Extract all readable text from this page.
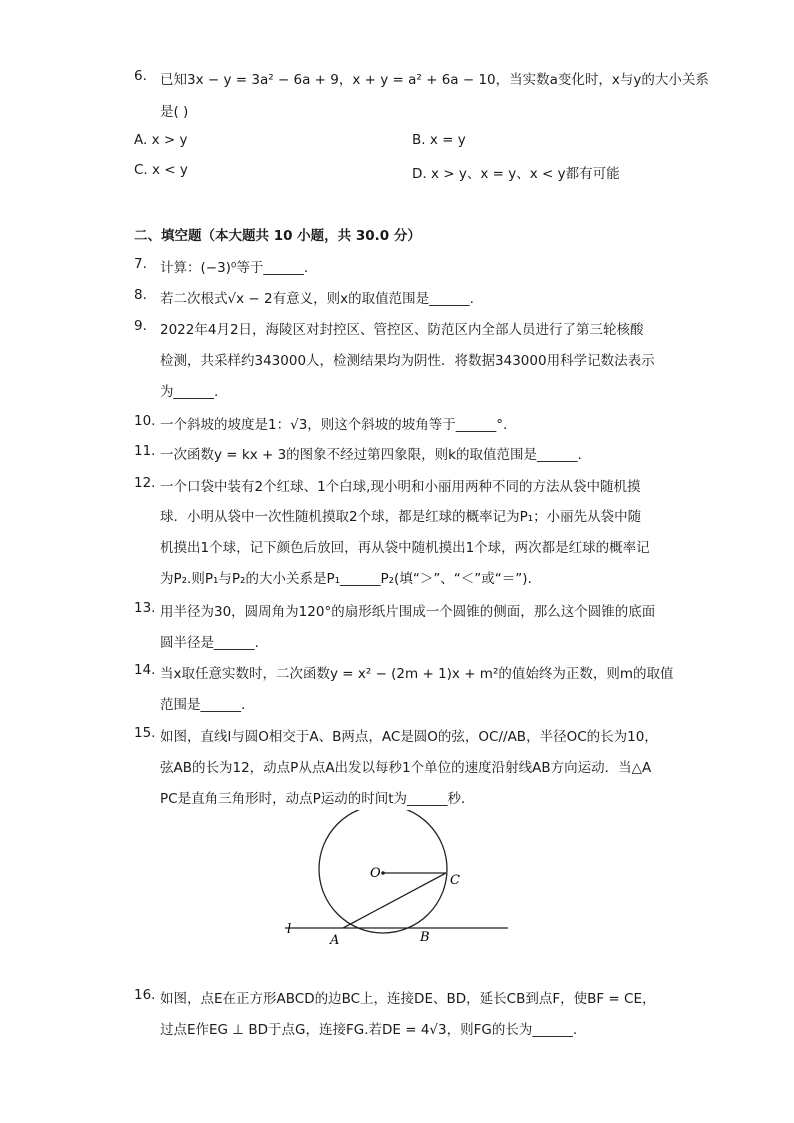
6. 已知3x − y = 3a² − 6a + 9，x + y = a² + 6a − 10，当实数a变化时，x与y的大小关系
是( )
A. x > y	B. x = y
C. x < y	D. x > y、x = y、x < y都有可能
二、填空题（本大题共 10 小题，共 30.0 分）
7. 计算：(−3)⁰等于______.
8. 若二次根式√x − 2有意义，则x的取值范围是______.
9. 2022年4月2日，海陵区对封控区、管控区、防范区内全部人员进行了第三轮核酸
检测，共采样约343000人，检测结果均为阴性．将数据343000用科学记数法表示
为______.
10. 一个斜坡的坡度是1：√3，则这个斜坡的坡角等于______°.
11. 一次函数y = kx + 3的图象不经过第四象限，则k的取值范围是______.
12. 一个口袋中装有2个红球、1个白球,现小明和小丽用两种不同的方法从袋中随机摸
球．小明从袋中一次性随机摸取2个球，都是红球的概率记为P₁；小丽先从袋中随
机摸出1个球，记下颜色后放回，再从袋中随机摸出1个球，两次都是红球的概率记
为P₂.则P₁与P₂的大小关系是P₁______P₂(填“＞”、“＜”或“＝”).
13. 用半径为30，圆周角为120°的扇形纸片围成一个圆锥的侧面，那么这个圆锥的底面
圆半径是______.
14. 当x取任意实数时，二次函数y = x² − (2m + 1)x + m²的值始终为正数，则m的取值
范围是______.
15. 如图，直线l与圆O相交于A、B两点，AC是圆O的弦，OC//AB，半径OC的长为10，
弦AB的长为12，动点P从点A出发以每秒1个单位的速度沿射线AB方向运动．当△A
PC是直角三角形时，动点P运动的时间t为______秒．
O	C
A	B
l
16. 如图，点E在正方形ABCD的边BC上，连接DE、BD，延长CB到点F，使BF = CE，
过点E作EG ⊥ BD于点G，连接FG.若DE = 4√3，则FG的长为______.
